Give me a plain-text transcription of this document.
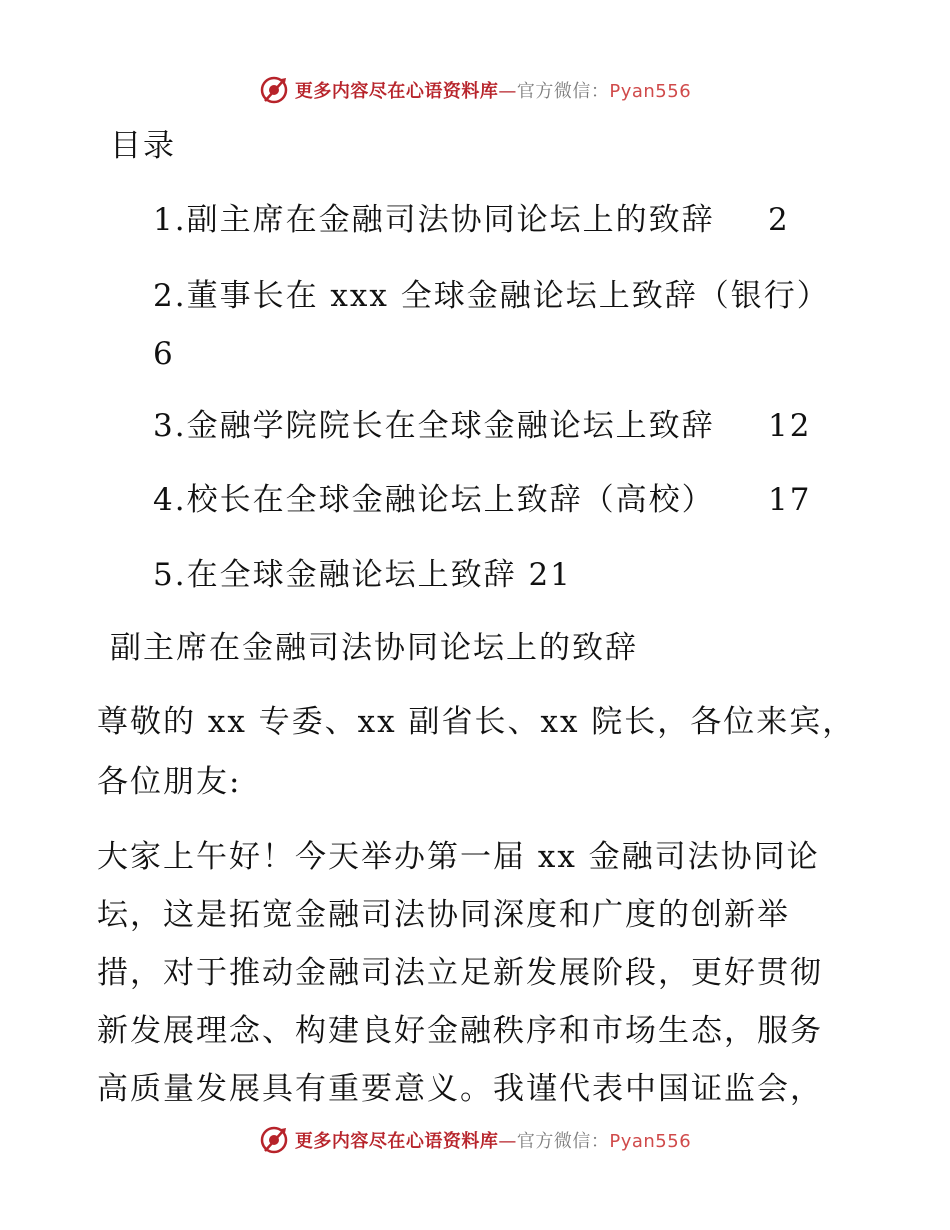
更多内容尽在心语资料库—官方微信：Pyan556
目录
1.副主席在金融司法协同论坛上的致辞 2
2.董事长在 xxx 全球金融论坛上致辞（银行）
6
3.金融学院院长在全球金融论坛上致辞 12
4.校长在全球金融论坛上致辞（高校） 17
5.在全球金融论坛上致辞 21
副主席在金融司法协同论坛上的致辞
尊敬的 xx 专委、xx 副省长、xx 院长，各位来宾，
各位朋友:
大家上午好！今天举办第一届 xx 金融司法协同论
坛，这是拓宽金融司法协同深度和广度的创新举
措，对于推动金融司法立足新发展阶段，更好贯彻
新发展理念、构建良好金融秩序和市场生态，服务
高质量发展具有重要意义。我谨代表中国证监会，
更多内容尽在心语资料库—官方微信：Pyan556
